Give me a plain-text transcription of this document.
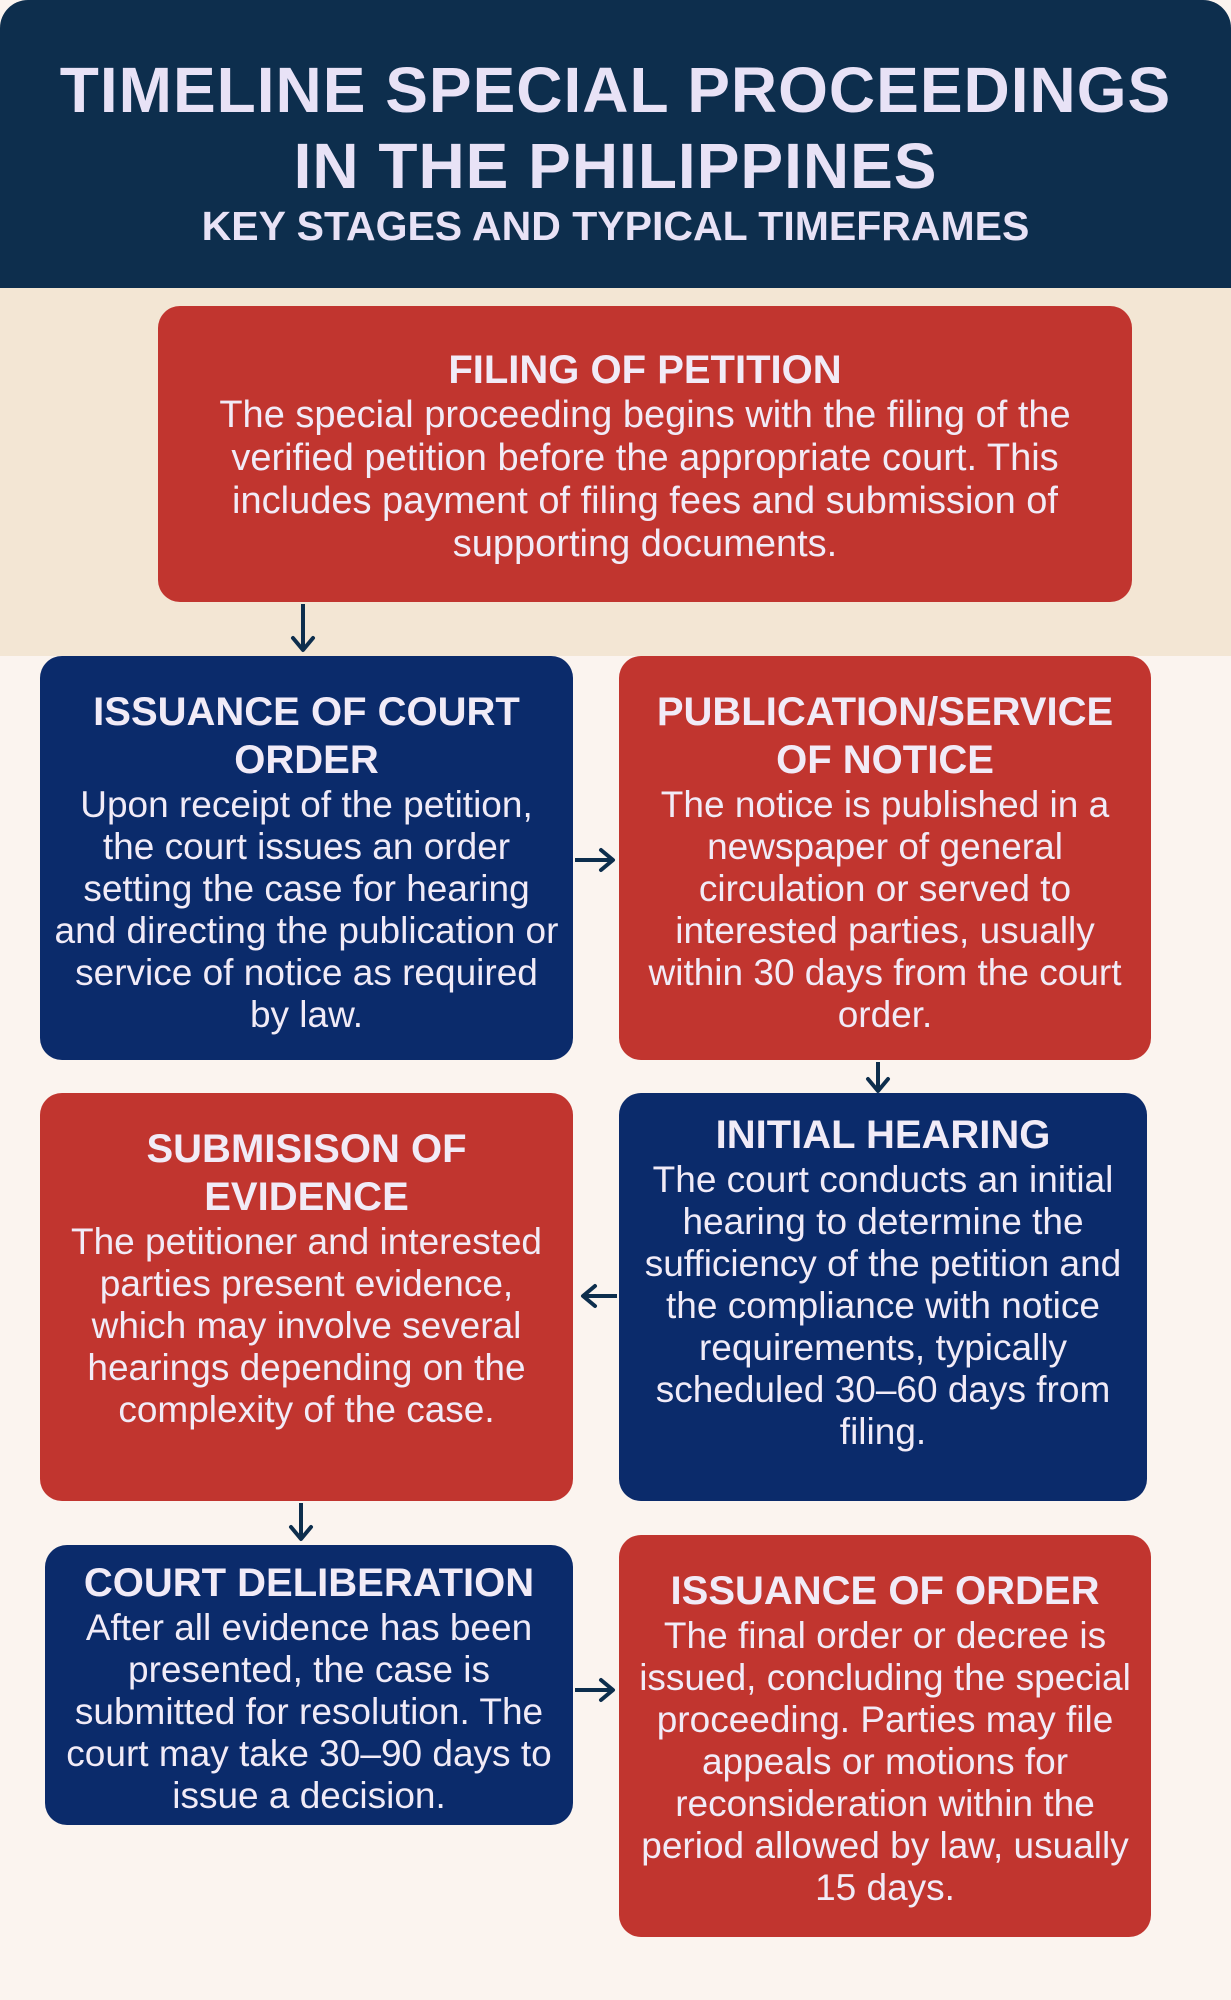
TIMELINE SPECIAL PROCEEDINGS
IN THE PHILIPPINES
KEY STAGES AND TYPICAL TIMEFRAMES
FILING OF PETITION
The special proceeding begins with the filing of the verified petition before the appropriate court. This includes payment of filing fees and submission of supporting documents.
ISSUANCE OF COURT ORDER
Upon receipt of the petition, the court issues an order setting the case for hearing and directing the publication or service of notice as required by law.
PUBLICATION/SERVICE OF NOTICE
The notice is published in a newspaper of general circulation or served to interested parties, usually within 30 days from the court order.
SUBMISISON OF EVIDENCE
The petitioner and interested parties present evidence, which may involve several hearings depending on the complexity of the case.
INITIAL HEARING
The court conducts an initial hearing to determine the sufficiency of the petition and the compliance with notice requirements, typically scheduled 30–60 days from filing.
COURT DELIBERATION
After all evidence has been presented, the case is submitted for resolution. The court may take 30–90 days to issue a decision.
ISSUANCE OF ORDER
The final order or decree is issued, concluding the special proceeding. Parties may file appeals or motions for reconsideration within the period allowed by law, usually 15 days.
